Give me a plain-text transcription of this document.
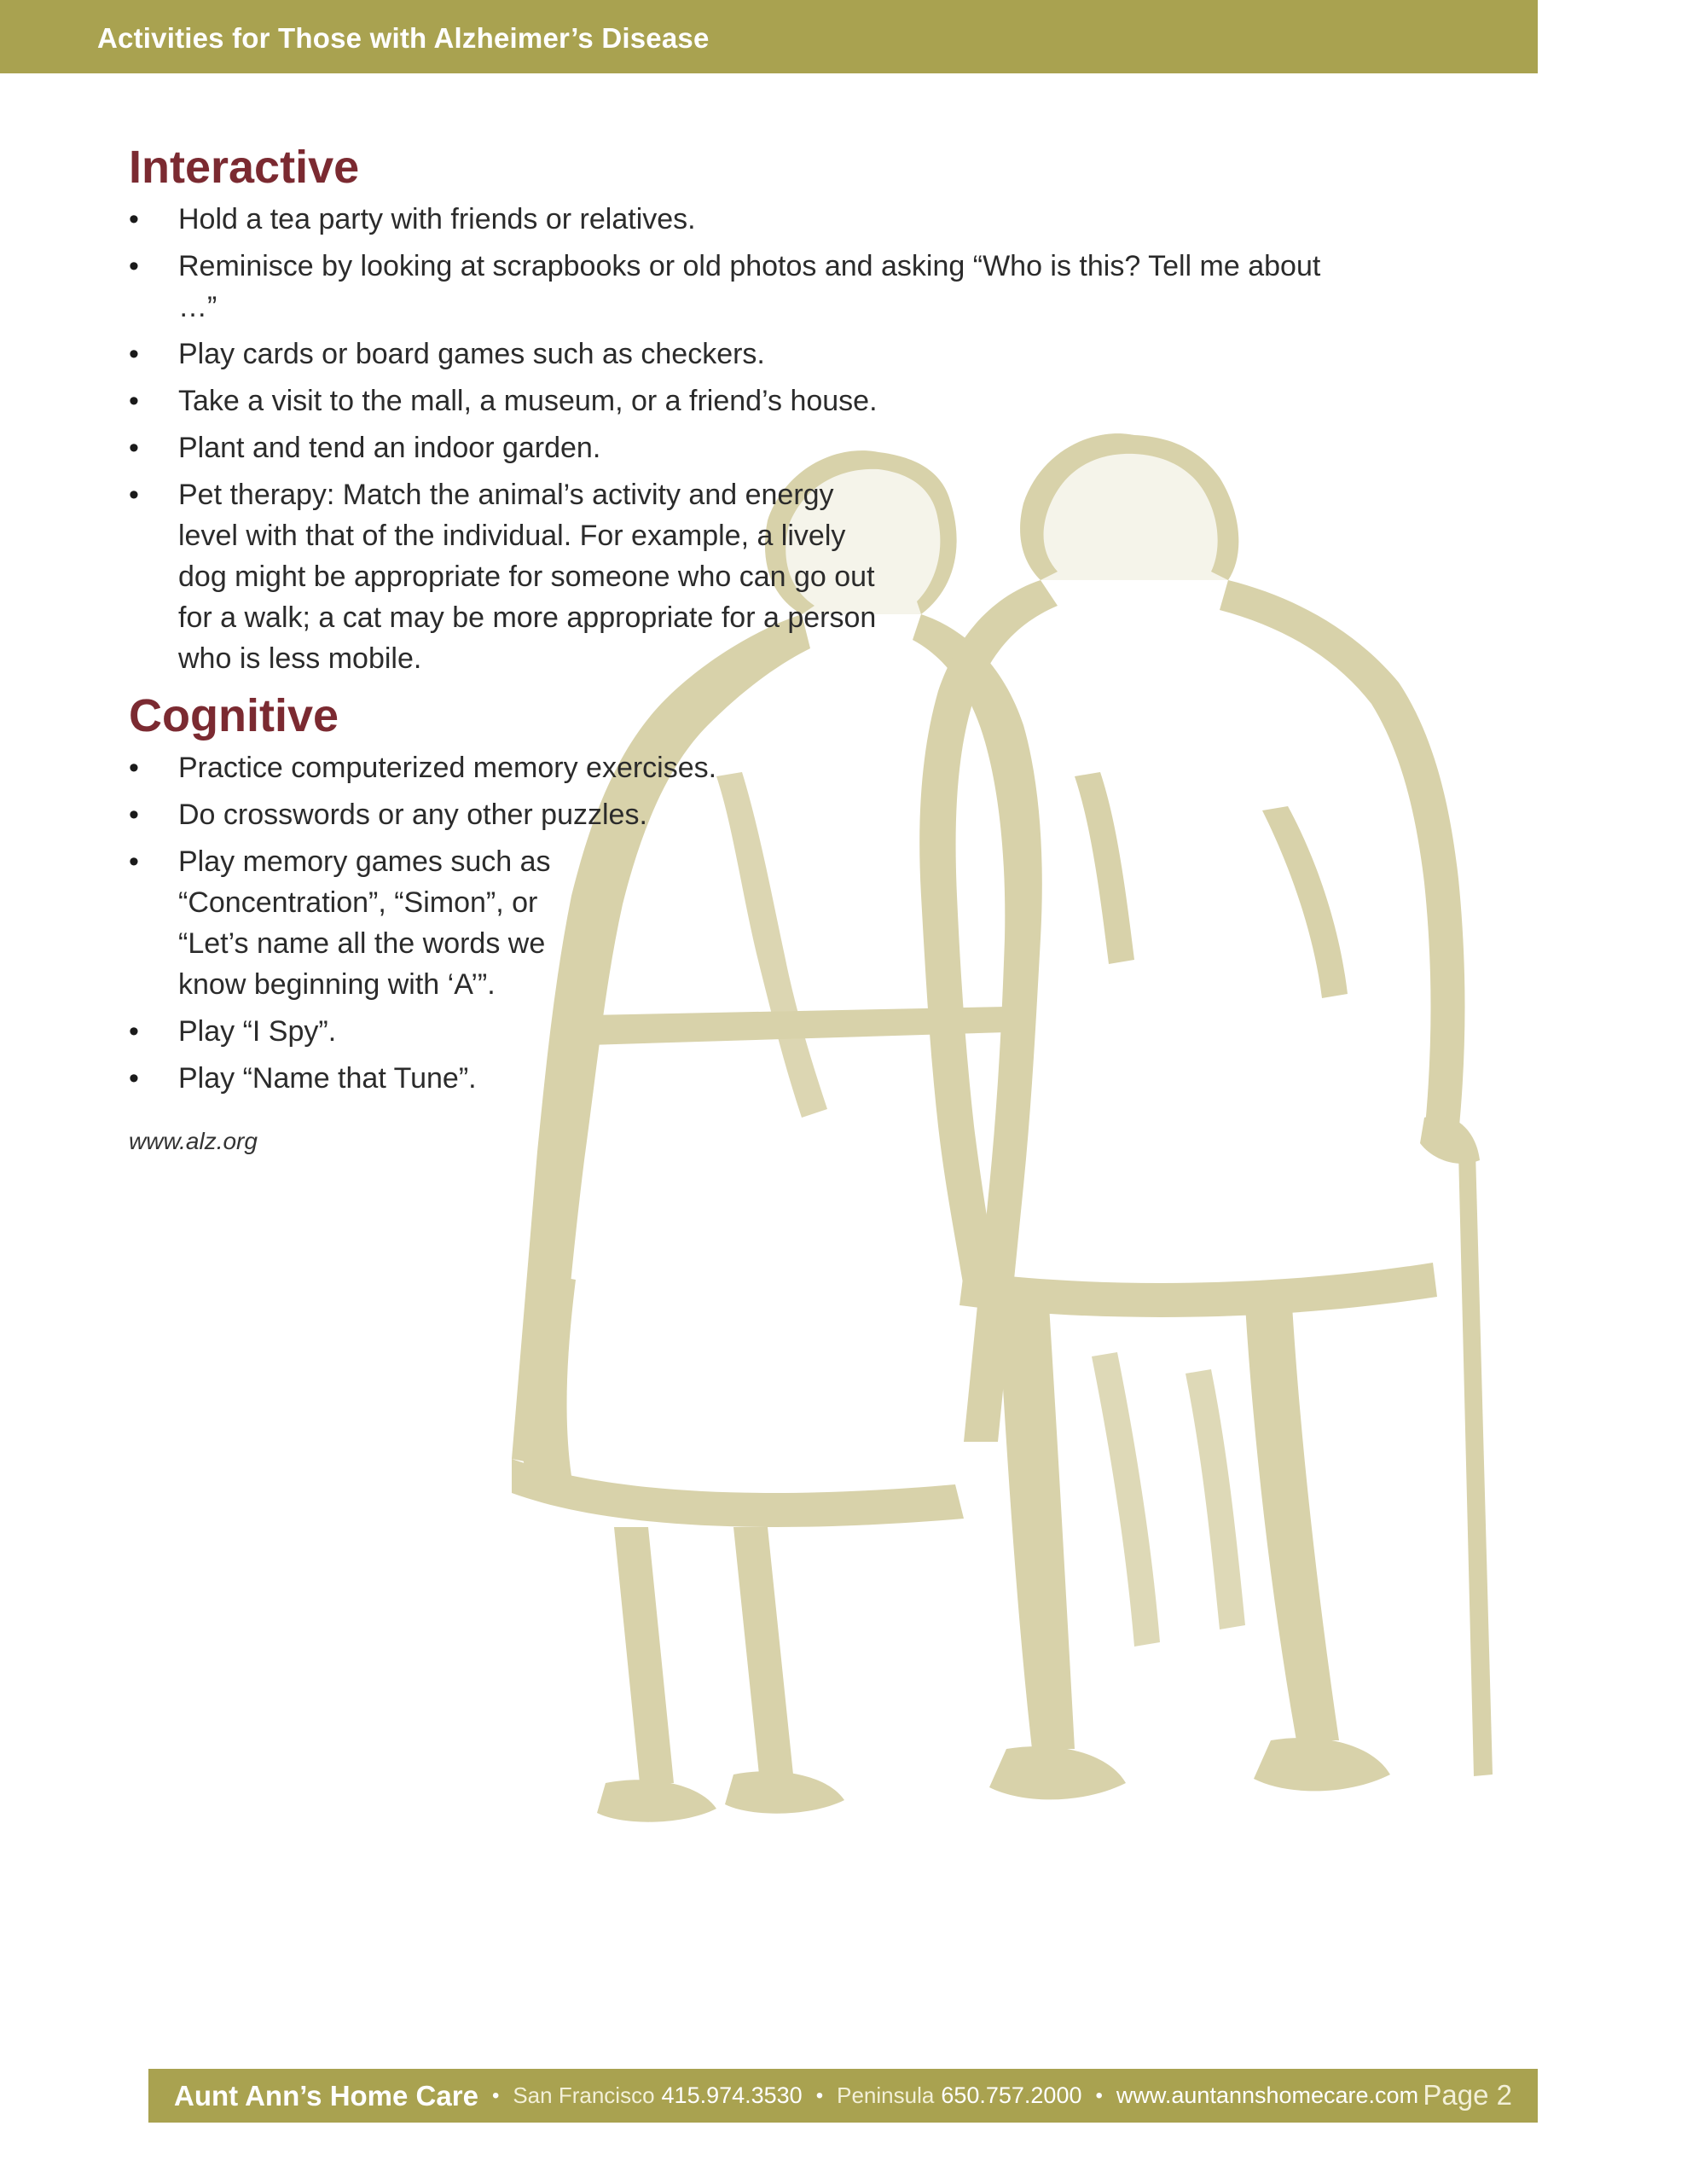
Activities for Those with Alzheimer’s Disease
Interactive
• Hold a tea party with friends or relatives.
• Reminisce by looking at scrapbooks or old photos and asking “Who is this? Tell me about …”
• Play cards or board games such as checkers.
• Take a visit to the mall, a museum, or a friend’s house.
• Plant and tend an indoor garden.
• Pet therapy: Match the animal’s activity and energy level with that of the individual. For example, a lively dog might be appropriate for someone who can go out for a walk; a cat may be more appropriate for a person who is less mobile.
Cognitive
• Practice computerized memory exercises.
• Do crosswords or any other puzzles.
• Play memory games such as “Concentration”, “Simon”, or “Let’s name all the words we know beginning with ‘A’”.
• Play “I Spy”.
• Play “Name that Tune”.
www.alz.org
Aunt Ann’s Home Care • San Francisco 415.974.3530 • Peninsula 650.757.2000 • www.auntannshomecare.com Page 2
